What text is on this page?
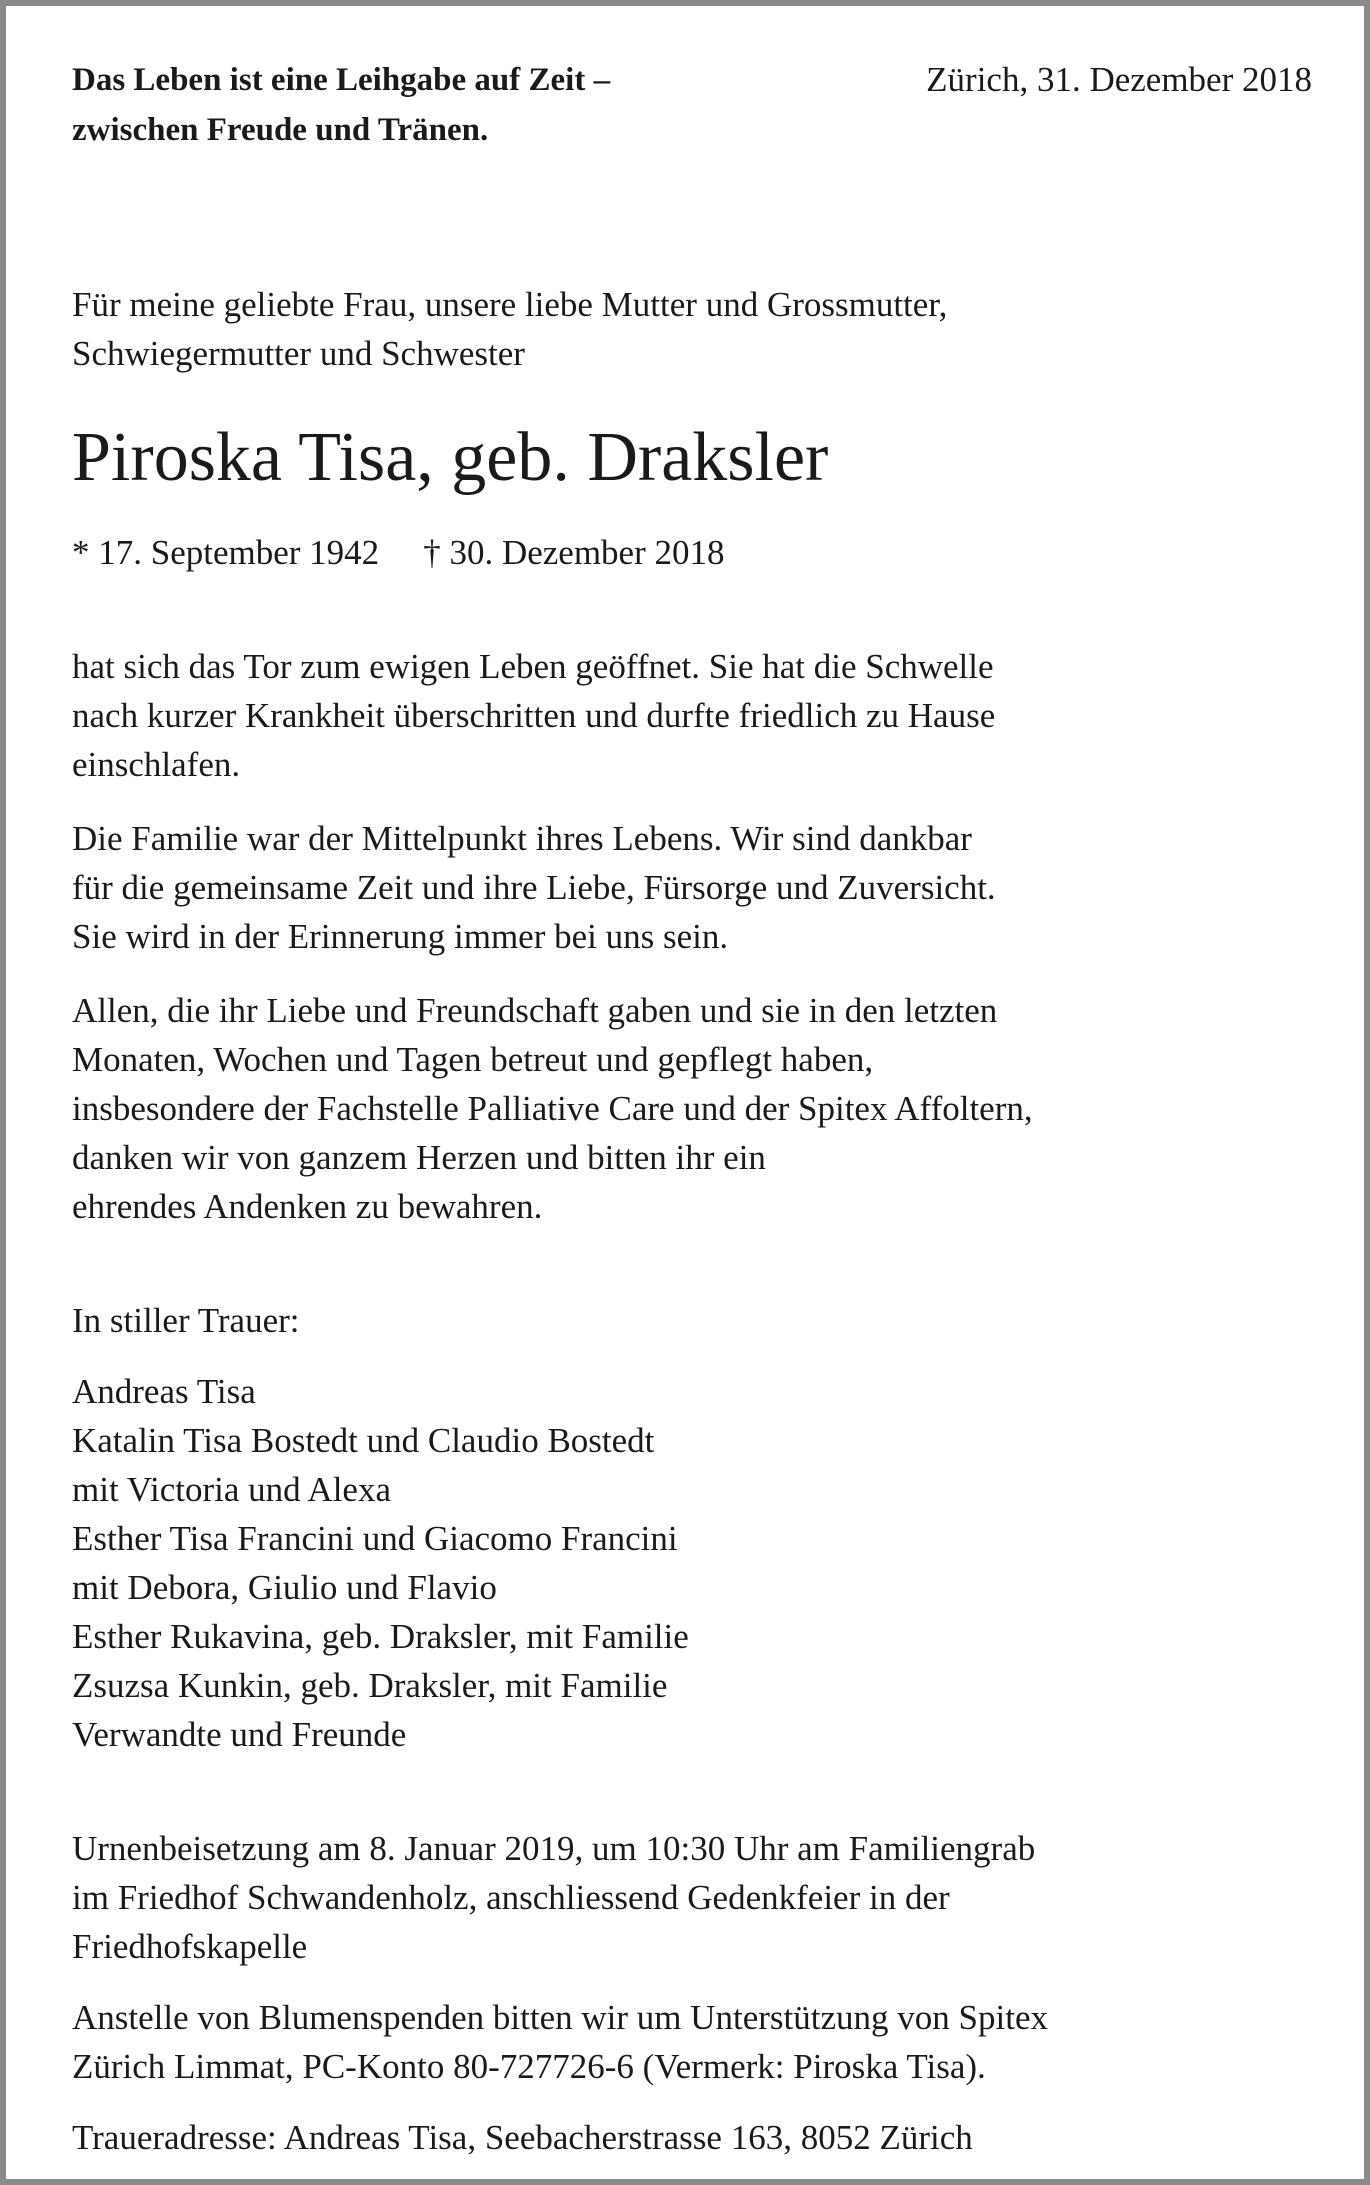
Das Leben ist eine Leihgabe auf Zeit –
zwischen Freude und Tränen.
Zürich, 31. Dezember 2018
Für meine geliebte Frau, unsere liebe Mutter und Grossmutter,
Schwiegermutter und Schwester
Piroska Tisa, geb. Draksler
* 17. September 1942 † 30. Dezember 2018
hat sich das Tor zum ewigen Leben geöffnet. Sie hat die Schwelle
nach kurzer Krankheit überschritten und durfte friedlich zu Hause
einschlafen.
Die Familie war der Mittelpunkt ihres Lebens. Wir sind dankbar
für die gemeinsame Zeit und ihre Liebe, Fürsorge und Zuversicht.
Sie wird in der Erinnerung immer bei uns sein.
Allen, die ihr Liebe und Freundschaft gaben und sie in den letzten
Monaten, Wochen und Tagen betreut und gepflegt haben,
insbesondere der Fachstelle Palliative Care und der Spitex Affoltern,
danken wir von ganzem Herzen und bitten ihr ein
ehrendes Andenken zu bewahren.
In stiller Trauer:
Andreas Tisa
Katalin Tisa Bostedt und Claudio Bostedt
mit Victoria und Alexa
Esther Tisa Francini und Giacomo Francini
mit Debora, Giulio und Flavio
Esther Rukavina, geb. Draksler, mit Familie
Zsuzsa Kunkin, geb. Draksler, mit Familie
Verwandte und Freunde
Urnenbeisetzung am 8. Januar 2019, um 10:30 Uhr am Familiengrab
im Friedhof Schwandenholz, anschliessend Gedenkfeier in der
Friedhofskapelle
Anstelle von Blumenspenden bitten wir um Unterstützung von Spitex
Zürich Limmat, PC-Konto 80-727726-6 (Vermerk: Piroska Tisa).
Traueradresse: Andreas Tisa, Seebacherstrasse 163, 8052 Zürich
